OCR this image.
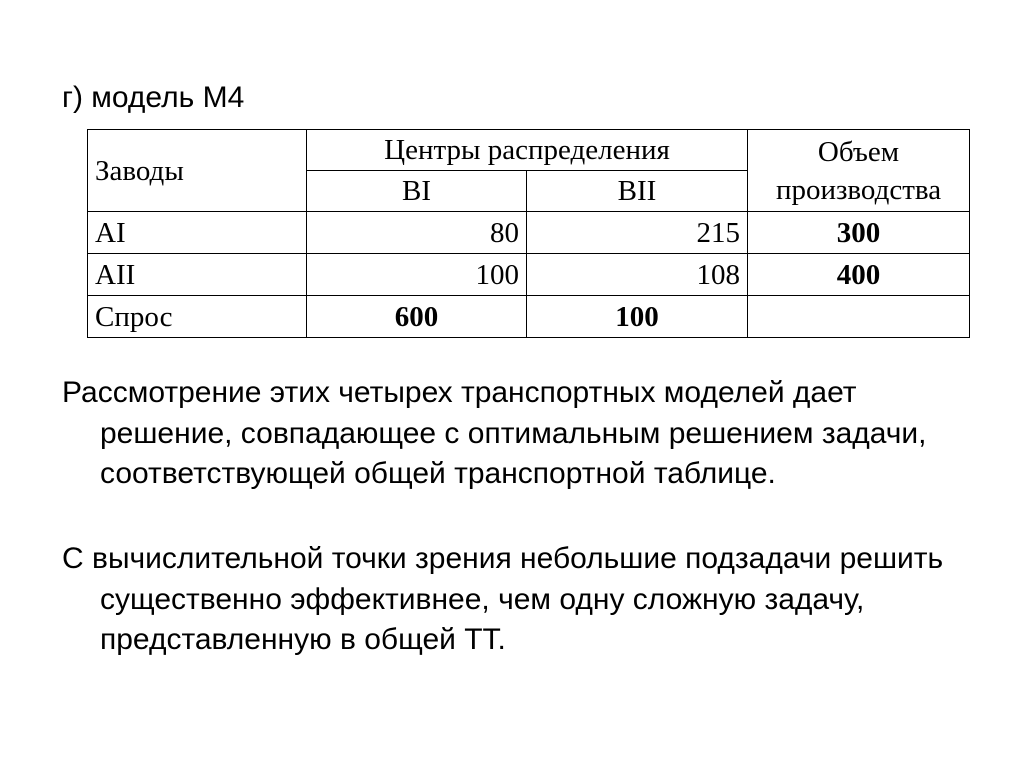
г) модель М4
Заводы	Центры распределения		Объем
производства
	BI	BII	
AI	80	215	300
AII	100	108	400
Спрос	600	100	
Рассмотрение этих четырех транспортных моделей дает решение, совпадающее с оптимальным решением задачи, соответствующей общей транспортной таблице.
С вычислительной точки зрения небольшие подзадачи решить существенно эффективнее, чем одну сложную задачу, представленную в общей ТТ.
